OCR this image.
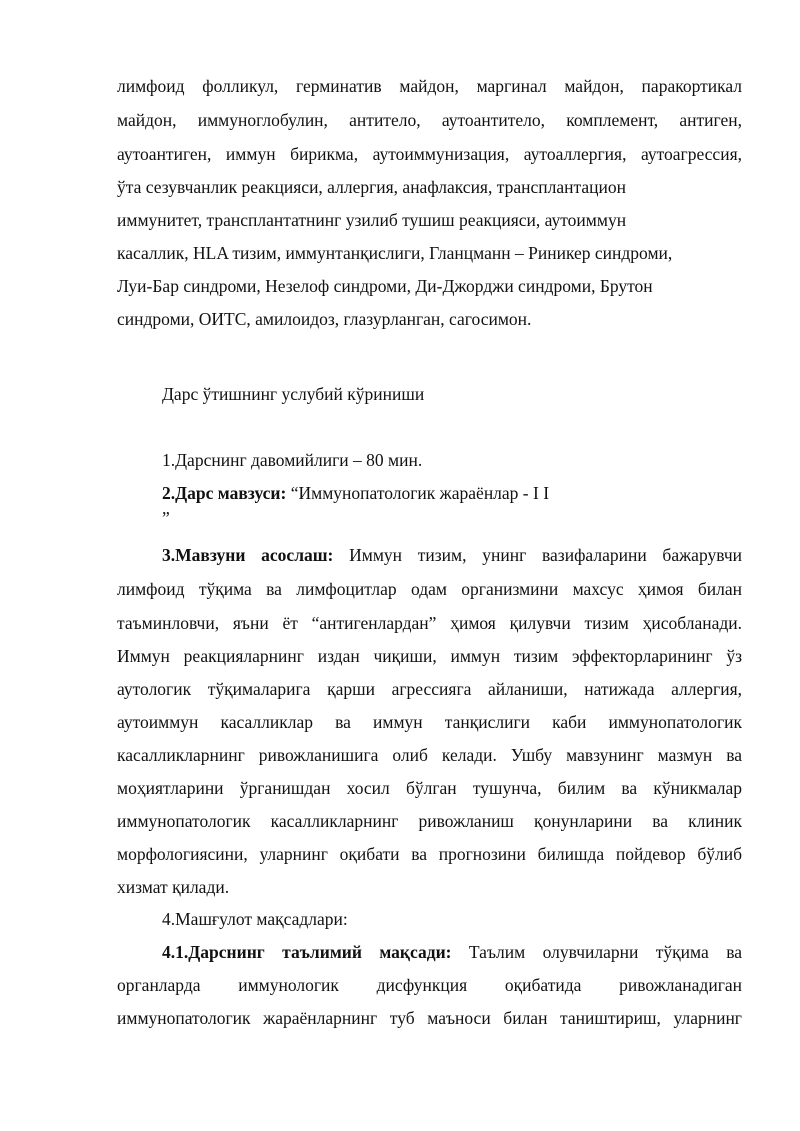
лимфоид фолликул, герминатив майдон, маргинал майдон, паракортикал
майдон, иммуноглобулин, антитело, аутоантитело, комплемент, антиген,
аутоантиген, иммун бирикма, аутоиммунизация, аутоаллергия, аутоагрессия,
ўта сезувчанлик реакцияси, аллергия, анафлаксия, трансплантацион
иммунитет, трансплантатнинг узилиб тушиш реакцияси, аутоиммун
касаллик, HLA тизим, иммунтанқислиги, Гланцманн – Риникер синдроми,
Луи-Бар синдроми, Незелоф синдроми, Ди-Джорджи синдроми, Брутон
синдроми, ОИТС, амилоидоз, глазурланган, сагосимон.
Дарс ўтишнинг услубий кўриниши
1.Дарснинг давомийлиги – 80 мин.
2.Дарс мавзуси: “Иммунопатологик жараёнлар - I I
”
3.Мавзуни асослаш: Иммун тизим, унинг вазифаларини бажарувчи
лимфоид тўқима ва лимфоцитлар одам организмини махсус ҳимоя билан
таъминловчи, яъни ёт “антигенлардан” ҳимоя қилувчи тизим ҳисобланади.
Иммун реакцияларнинг издан чиқиши, иммун тизим эффекторларининг ўз
аутологик тўқималарига қарши агрессияга айланиши, натижада аллергия,
аутоиммун касалликлар ва иммун танқислиги каби иммунопатологик
касалликларнинг ривожланишига олиб келади. Ушбу мавзунинг мазмун ва
моҳиятларини ўрганишдан хосил бўлган тушунча, билим ва кўникмалар
иммунопатологик касалликларнинг ривожланиш қонунларини ва клиник
морфологиясини, уларнинг оқибати ва прогнозини билишда пойдевор бўлиб
хизмат қилади.
4.Машғулот мақсадлари:
4.1.Дарснинг таълимий мақсади: Таълим олувчиларни тўқима ва
органларда иммунологик дисфункция оқибатида ривожланадиган
иммунопатологик жараёнларнинг туб маъноси билан таништириш, уларнинг
